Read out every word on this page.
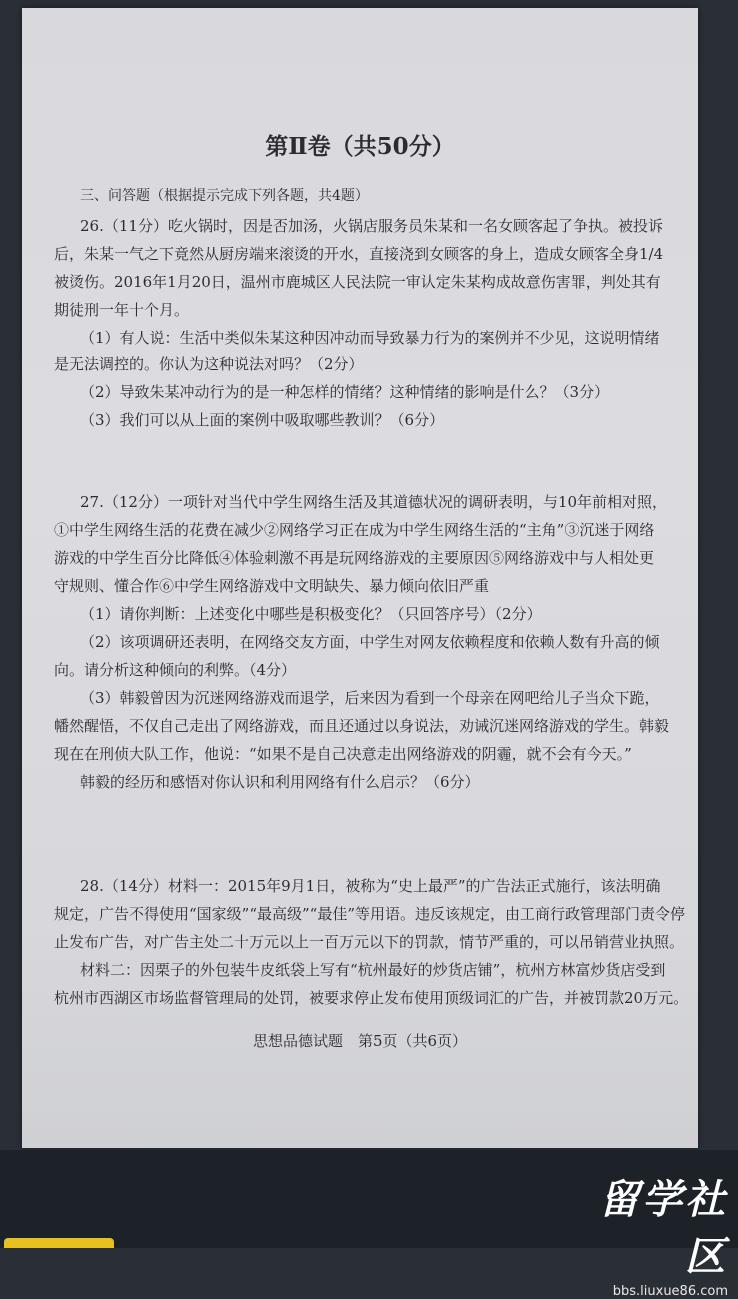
第Ⅱ卷（共50分）
三、问答题（根据提示完成下列各题，共4题）
26.（11分）吃火锅时，因是否加汤，火锅店服务员朱某和一名女顾客起了争执。被投诉
后，朱某一气之下竟然从厨房端来滚烫的开水，直接浇到女顾客的身上，造成女顾客全身1/4
被烫伤。2016年1月20日，温州市鹿城区人民法院一审认定朱某构成故意伤害罪，判处其有
期徒刑一年十个月。
（1）有人说：生活中类似朱某这种因冲动而导致暴力行为的案例并不少见，这说明情绪
是无法调控的。你认为这种说法对吗？（2分）
（2）导致朱某冲动行为的是一种怎样的情绪？这种情绪的影响是什么？（3分）
（3）我们可以从上面的案例中吸取哪些教训？（6分）
27.（12分）一项针对当代中学生网络生活及其道德状况的调研表明，与10年前相对照，
①中学生网络生活的花费在减少②网络学习正在成为中学生网络生活的“主角”③沉迷于网络
游戏的中学生百分比降低④体验刺激不再是玩网络游戏的主要原因⑤网络游戏中与人相处更
守规则、懂合作⑥中学生网络游戏中文明缺失、暴力倾向依旧严重
（1）请你判断：上述变化中哪些是积极变化？（只回答序号）（2分）
（2）该项调研还表明，在网络交友方面，中学生对网友依赖程度和依赖人数有升高的倾
向。请分析这种倾向的利弊。（4分）
（3）韩毅曾因为沉迷网络游戏而退学，后来因为看到一个母亲在网吧给儿子当众下跪，
幡然醒悟，不仅自己走出了网络游戏，而且还通过以身说法，劝诫沉迷网络游戏的学生。韩毅
现在在刑侦大队工作，他说：“如果不是自己决意走出网络游戏的阴霾，就不会有今天。”
韩毅的经历和感悟对你认识和利用网络有什么启示？（6分）
28.（14分）材料一：2015年9月1日，被称为“史上最严”的广告法正式施行，该法明确
规定，广告不得使用“国家级”“最高级”“最佳”等用语。违反该规定，由工商行政管理部门责令停
止发布广告，对广告主处二十万元以上一百万元以下的罚款，情节严重的，可以吊销营业执照。
材料二：因栗子的外包装牛皮纸袋上写有“杭州最好的炒货店铺”，杭州方林富炒货店受到
杭州市西湖区市场监督管理局的处罚，被要求停止发布使用顶级词汇的广告，并被罚款20万元。
思想品德试题　第5页（共6页）
留学社区
bbs.liuxue86.com
